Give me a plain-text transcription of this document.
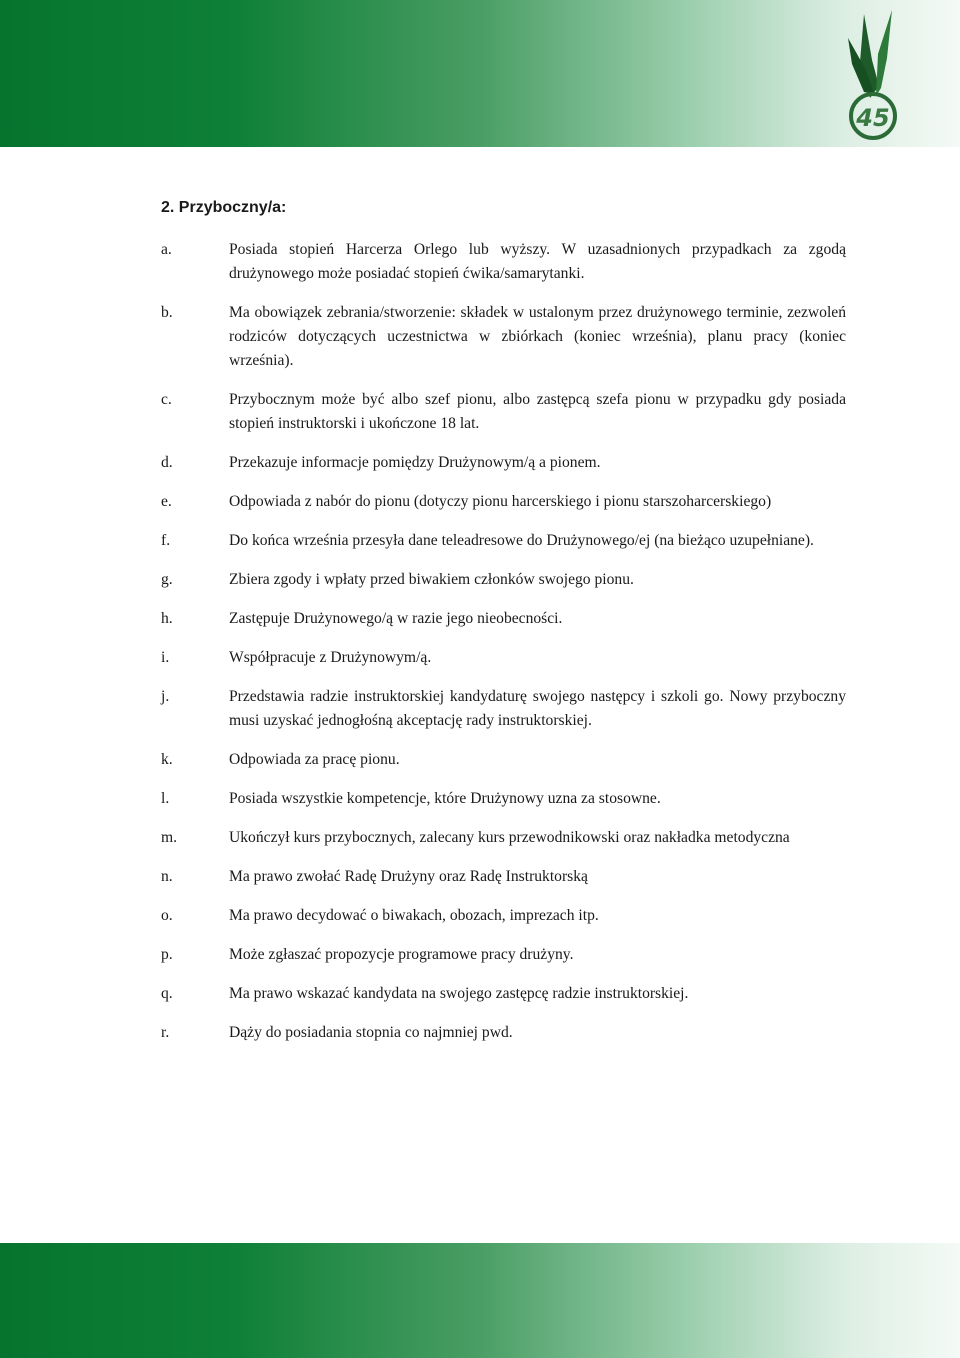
45
2. Przyboczny/a:
a.	Posiada stopień Harcerza Orlego lub wyższy. W uzasadnionych przypadkach za zgodą drużynowego może posiadać stopień ćwika/samarytanki.
b.	Ma obowiązek zebrania/stworzenie: składek w ustalonym przez drużynowego terminie, zezwoleń rodziców dotyczących uczestnictwa w zbiórkach (koniec września), planu pracy (koniec września).
c.	Przybocznym może być albo szef pionu, albo zastępcą szefa pionu w przypadku gdy posiada stopień instruktorski i ukończone 18 lat.
d.	Przekazuje informacje pomiędzy Drużynowym/ą a pionem.
e.	Odpowiada z nabór do pionu (dotyczy pionu harcerskiego i pionu starszoharcerskiego)
f.	Do końca września przesyła dane teleadresowe do Drużynowego/ej (na bieżąco uzupełniane).
g.	Zbiera zgody i wpłaty przed biwakiem członków swojego pionu.
h.	Zastępuje Drużynowego/ą w razie jego nieobecności.
i.	Współpracuje z Drużynowym/ą.
j.	Przedstawia radzie instruktorskiej kandydaturę swojego następcy i szkoli go. Nowy przyboczny musi uzyskać jednogłośną akceptację rady instruktorskiej.
k.	Odpowiada za pracę pionu.
l.	Posiada wszystkie kompetencje, które Drużynowy uzna za stosowne.
m.	Ukończył kurs przybocznych, zalecany kurs przewodnikowski oraz nakładka metodyczna
n.	Ma prawo zwołać Radę Drużyny oraz Radę Instruktorską
o.	Ma prawo decydować o biwakach, obozach, imprezach itp.
p.	Może zgłaszać propozycje programowe pracy drużyny.
q.	Ma prawo wskazać kandydata na swojego zastępcę radzie instruktorskiej.
r.	Dąży do posiadania stopnia co najmniej pwd.
